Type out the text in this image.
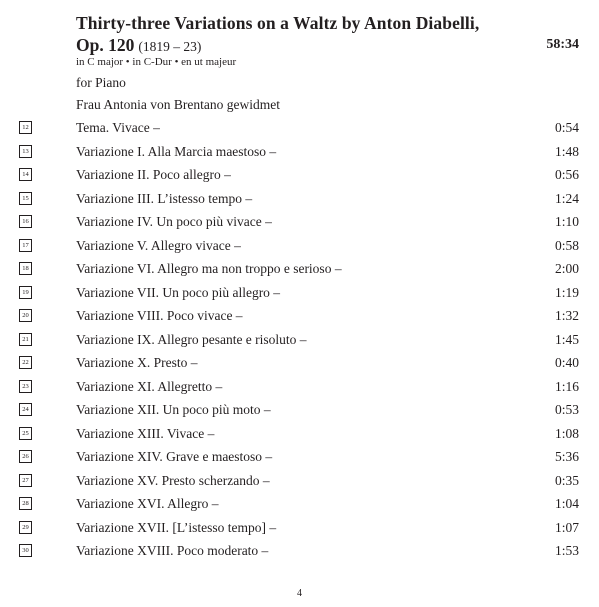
Thirty-three Variations on a Waltz by Anton Diabelli,
Op. 120 (1819 – 23)	58:34
in C major • in C-Dur • en ut majeur
for Piano
Frau Antonia von Brentano gewidmet
12	Tema. Vivace –	0:54
13	Variazione I. Alla Marcia maestoso –	1:48
14	Variazione II. Poco allegro –	0:56
15	Variazione III. L’istesso tempo –	1:24
16	Variazione IV. Un poco più vivace –	1:10
17	Variazione V. Allegro vivace –	0:58
18	Variazione VI. Allegro ma non troppo e serioso –	2:00
19	Variazione VII. Un poco più allegro –	1:19
20	Variazione VIII. Poco vivace –	1:32
21	Variazione IX. Allegro pesante e risoluto –	1:45
22	Variazione X. Presto –	0:40
23	Variazione XI. Allegretto –	1:16
24	Variazione XII. Un poco più moto –	0:53
25	Variazione XIII. Vivace –	1:08
26	Variazione XIV. Grave e maestoso –	5:36
27	Variazione XV. Presto scherzando –	0:35
28	Variazione XVI. Allegro –	1:04
29	Variazione XVII. [L’istesso tempo] –	1:07
30	Variazione XVIII. Poco moderato –	1:53
4
